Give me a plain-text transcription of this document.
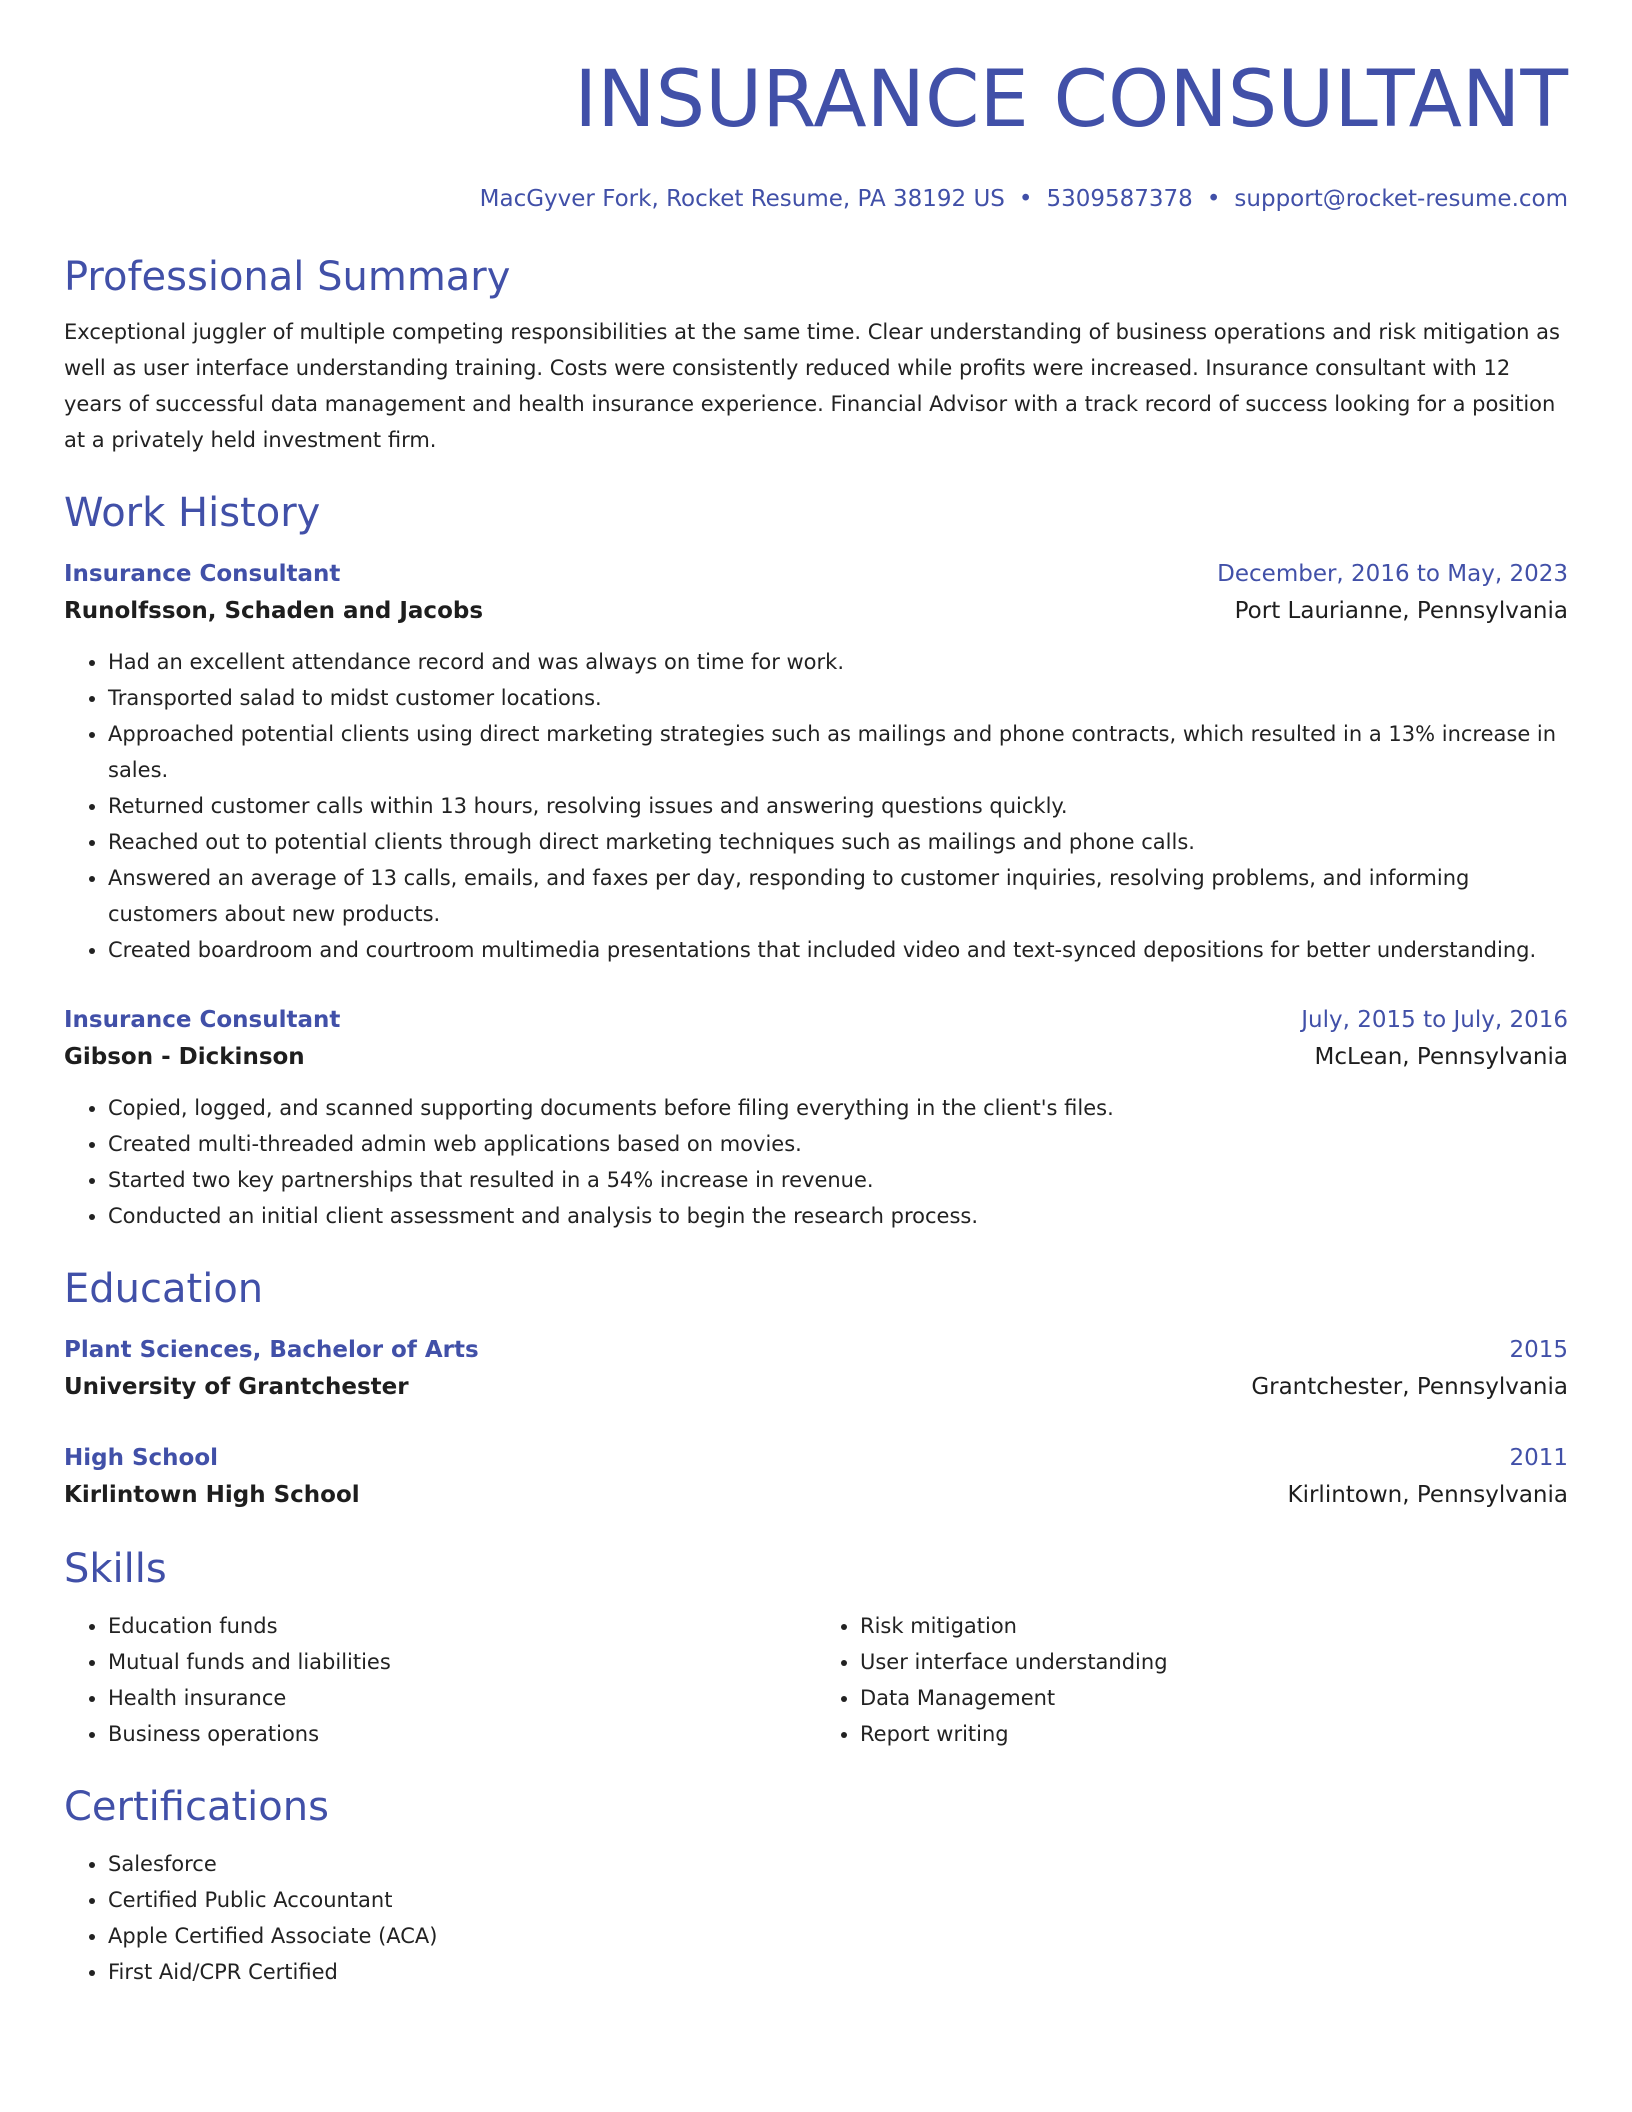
INSURANCE CONSULTANT
MacGyver Fork, Rocket Resume, PA 38192 US • 5309587378 • support@rocket-resume.com
Professional Summary

Exceptional juggler of multiple competing responsibilities at the same time. Clear understanding of business operations and risk mitigation as well as user interface understanding training. Costs were consistently reduced while profits were increased. Insurance consultant with 12 years of successful data management and health insurance experience. Financial Advisor with a track record of success looking for a position at a privately held investment firm.

Work History
Insurance Consultant	December, 2016 to May, 2023
Runolfsson, Schaden and Jacobs	Port Laurianne, Pennsylvania
• Had an excellent attendance record and was always on time for work.
• Transported salad to midst customer locations.
• Approached potential clients using direct marketing strategies such as mailings and phone contracts, which resulted in a 13% increase in sales.
• Returned customer calls within 13 hours, resolving issues and answering questions quickly.
• Reached out to potential clients through direct marketing techniques such as mailings and phone calls.
• Answered an average of 13 calls, emails, and faxes per day, responding to customer inquiries, resolving problems, and informing customers about new products.
• Created boardroom and courtroom multimedia presentations that included video and text-synced depositions for better understanding.
Insurance Consultant	July, 2015 to July, 2016
Gibson - Dickinson	McLean, Pennsylvania
• Copied, logged, and scanned supporting documents before filing everything in the client's files.
• Created multi-threaded admin web applications based on movies.
• Started two key partnerships that resulted in a 54% increase in revenue.
• Conducted an initial client assessment and analysis to begin the research process.
Education
Plant Sciences, Bachelor of Arts	2015
University of Grantchester	Grantchester, Pennsylvania
High School	2011
Kirlintown High School	Kirlintown, Pennsylvania
Skills
• Education funds
• Mutual funds and liabilities
• Health insurance
• Business operations
• Risk mitigation
• User interface understanding
• Data Management
• Report writing
Certifications
• Salesforce
• Certified Public Accountant
• Apple Certified Associate (ACA)
• First Aid/CPR Certified
